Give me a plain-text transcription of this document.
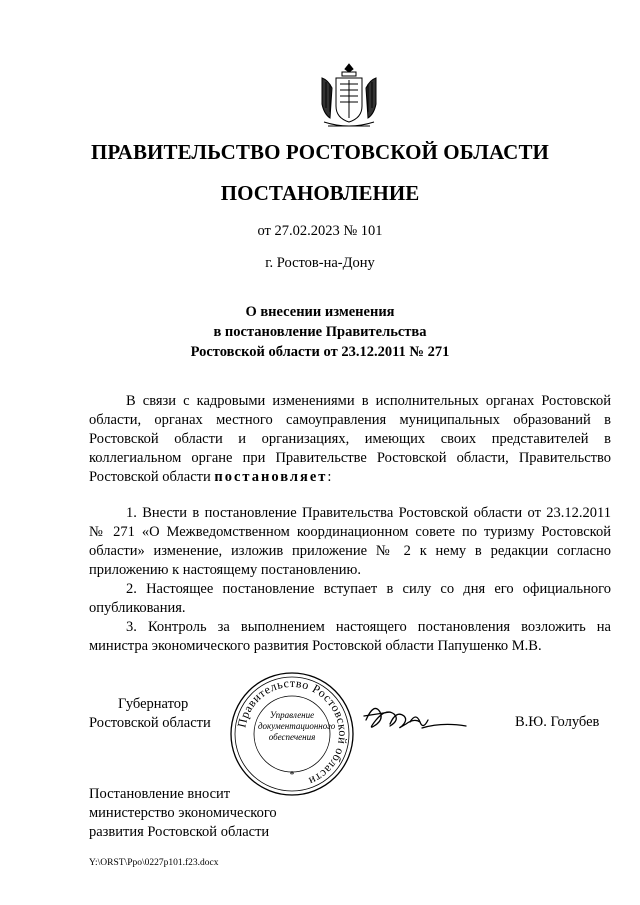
ПРАВИТЕЛЬСТВО РОСТОВСКОЙ ОБЛАСТИ
ПОСТАНОВЛЕНИЕ
от 27.02.2023 № 101
г. Ростов-на-Дону
О внесении изменения
в постановление Правительства
Ростовской области от 23.12.2011 № 271

В связи с кадровыми изменениями в исполнительных органах Ростовской области, органах местного самоуправления муниципальных образований в Ростовской области и организациях, имеющих своих представителей в коллегиальном органе при Правительстве Ростовской области, Правительство Ростовской области постановляет:

1. Внести в постановление Правительства Ростовской области от 23.12.2011 № 271 «О Межведомственном координационном совете по туризму Ростовской области» изменение, изложив приложение № 2 к нему в редакции согласно приложению к настоящему постановлению.

2. Настоящее постановление вступает в силу со дня его официального опубликования.

3. Контроль за выполнением настоящего постановления возложить на министра экономического развития Ростовской области Папушенко М.В.

Губернатор
Ростовской области Правительство Ростовской области
*
Управление документационного обеспечения
В.Ю. Голубев
Постановление вносит
министерство экономического
развития Ростовской области
Y:\ORST\Ppo\0227p101.f23.docx
